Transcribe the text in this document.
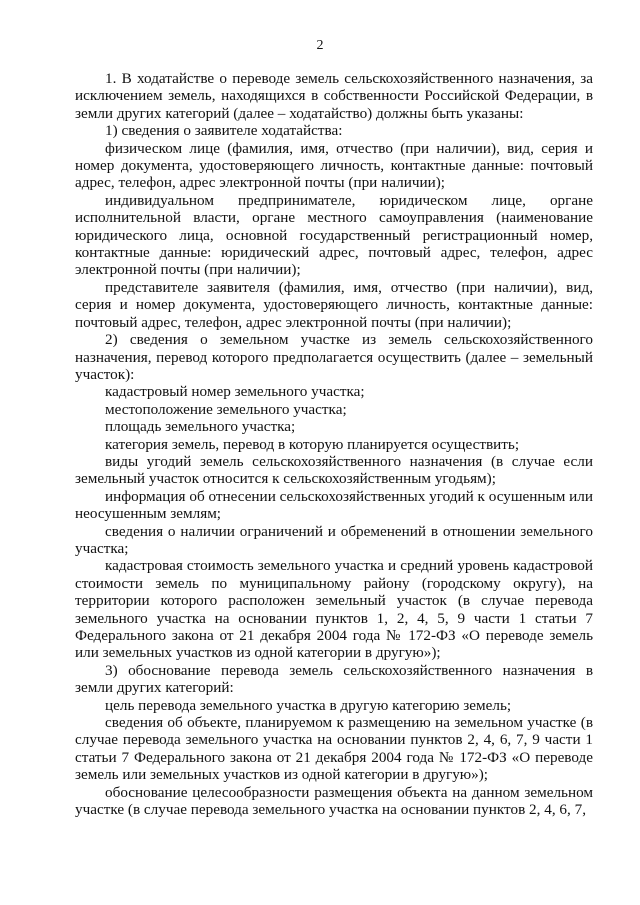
2

1. В ходатайстве о переводе земель сельскохозяйственного назначения, за исключением земель, находящихся в собственности Российской Федерации, в земли других категорий (далее – ходатайство) должны быть указаны:

1) сведения о заявителе ходатайства:

физическом лице (фамилия, имя, отчество (при наличии), вид, серия и номер документа, удостоверяющего личность, контактные данные: почтовый адрес, телефон, адрес электронной почты (при наличии);

индивидуальном предпринимателе, юридическом лице, органе исполнительной власти, органе местного самоуправления (наименование юридического лица, основной государственный регистрационный номер, контактные данные: юридический адрес, почтовый адрес, телефон, адрес электронной почты (при наличии);

представителе заявителя (фамилия, имя, отчество (при наличии), вид, серия и номер документа, удостоверяющего личность, контактные данные: почтовый адрес, телефон, адрес электронной почты (при наличии);

2) сведения о земельном участке из земель сельскохозяйственного назначения, перевод которого предполагается осуществить (далее – земельный участок):

кадастровый номер земельного участка;

местоположение земельного участка;

площадь земельного участка;

категория земель, перевод в которую планируется осуществить;

виды угодий земель сельскохозяйственного назначения (в случае если земельный участок относится к сельскохозяйственным угодьям);

информация об отнесении сельскохозяйственных угодий к осушенным или неосушенным землям;

сведения о наличии ограничений и обременений в отношении земельного участка;

кадастровая стоимость земельного участка и средний уровень кадастровой стоимости земель по муниципальному району (городскому округу), на территории которого расположен земельный участок (в случае перевода земельного участка на основании пунктов 1, 2, 4, 5, 9 части 1 статьи 7 Федерального закона от 21 декабря 2004 года № 172-ФЗ «О переводе земель или земельных участков из одной категории в другую»);

3) обоснование перевода земель сельскохозяйственного назначения в земли других категорий:

цель перевода земельного участка в другую категорию земель;

сведения об объекте, планируемом к размещению на земельном участке (в случае перевода земельного участка на основании пунктов 2, 4, 6, 7, 9 части 1 статьи 7 Федерального закона от 21 декабря 2004 года № 172-ФЗ «О переводе земель или земельных участков из одной категории в другую»);

обоснование целесообразности размещения объекта на данном земельном участке (в случае перевода земельного участка на основании пунктов 2, 4, 6, 7,
